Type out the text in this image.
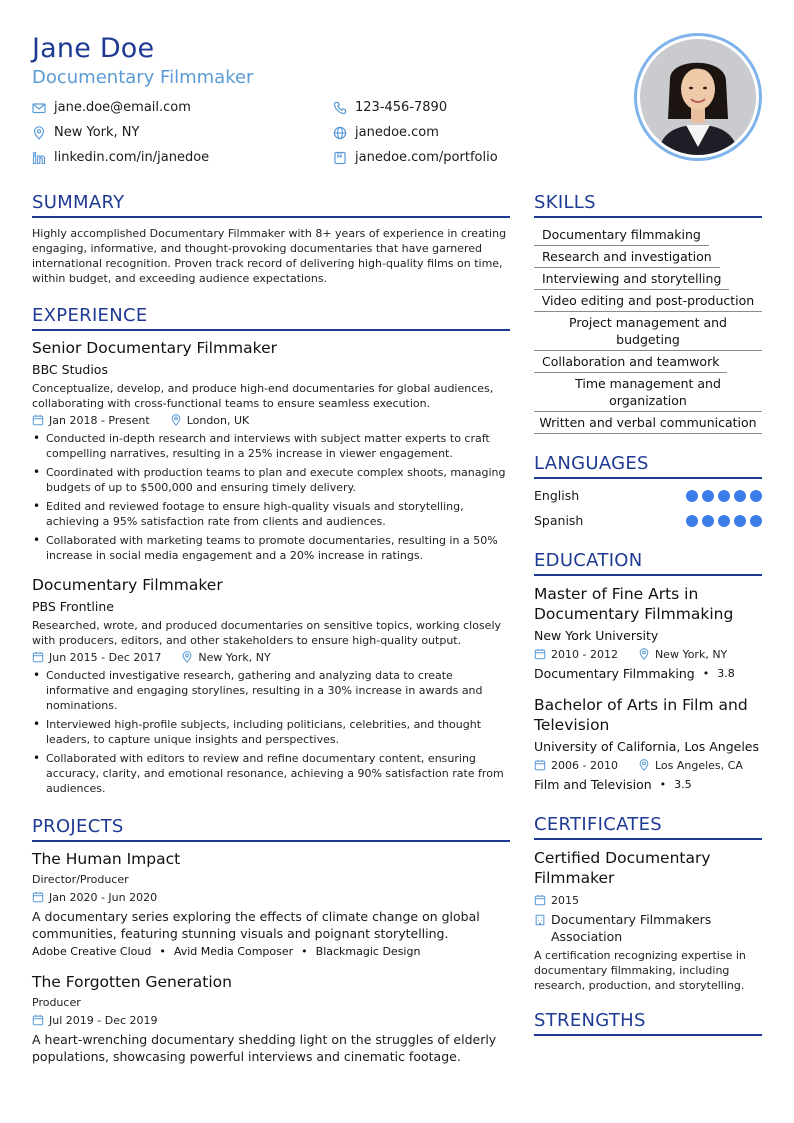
Jane Doe
Documentary Filmmaker
jane.doe@email.com	123-456-7890
New York, NY	janedoe.com
linkedin.com/in/janedoe	janedoe.com/portfolio
SUMMARY

Highly accomplished Documentary Filmmaker with 8+ years of experience in creating engaging, informative, and thought-provoking documentaries that have garnered international recognition. Proven track record of delivering high-quality films on time, within budget, and exceeding audience expectations.

EXPERIENCE
Senior Documentary Filmmaker
BBC Studios

Conceptualize, develop, and produce high-end documentaries for global audiences, collaborating with cross-functional teams to ensure seamless execution.

Jan 2018 - Present	London, UK
• Conducted in-depth research and interviews with subject matter experts to craft compelling narratives, resulting in a 25% increase in viewer engagement.
• Coordinated with production teams to plan and execute complex shoots, managing budgets of up to $500,000 and ensuring timely delivery.
• Edited and reviewed footage to ensure high-quality visuals and storytelling, achieving a 95% satisfaction rate from clients and audiences.
• Collaborated with marketing teams to promote documentaries, resulting in a 50% increase in social media engagement and a 20% increase in ratings.
Documentary Filmmaker
PBS Frontline

Researched, wrote, and produced documentaries on sensitive topics, working closely with producers, editors, and other stakeholders to ensure high-quality output.

Jun 2015 - Dec 2017	New York, NY
• Conducted investigative research, gathering and analyzing data to create informative and engaging storylines, resulting in a 30% increase in awards and nominations.
• Interviewed high-profile subjects, including politicians, celebrities, and thought leaders, to capture unique insights and perspectives.
• Collaborated with editors to review and refine documentary content, ensuring accuracy, clarity, and emotional resonance, achieving a 90% satisfaction rate from audiences.
PROJECTS
The Human Impact
Director/Producer
Jan 2020 - Jun 2020

A documentary series exploring the effects of climate change on global communities, featuring stunning visuals and poignant storytelling.

Adobe Creative Cloud • Avid Media Composer • Blackmagic Design
The Forgotten Generation
Producer
Jul 2019 - Dec 2019

A heart-wrenching documentary shedding light on the struggles of elderly populations, showcasing powerful interviews and cinematic footage.

SKILLS
Documentary filmmaking
Research and investigation
Interviewing and storytelling
Video editing and post-production
Project management and budgeting
Collaboration and teamwork
Time management and organization
Written and verbal communication
LANGUAGES
English
Spanish
EDUCATION
Master of Fine Arts in Documentary Filmmaking
New York University
2010 - 2012	New York, NY
Documentary Filmmaking • 3.8
Bachelor of Arts in Film and Television
University of California, Los Angeles
2006 - 2010	Los Angeles, CA
Film and Television • 3.5
CERTIFICATES
Certified Documentary Filmmaker
2015
Documentary Filmmakers Association

A certification recognizing expertise in documentary filmmaking, including research, production, and storytelling.

STRENGTHS
